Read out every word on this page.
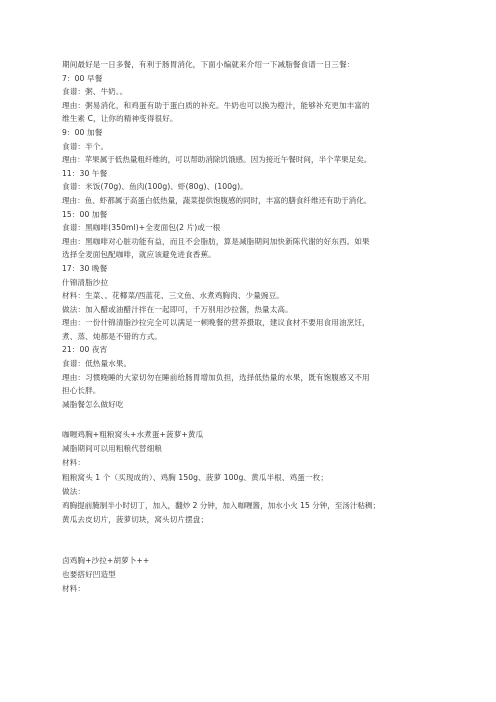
期间最好是一日多餐，有利于肠胃消化，下面小编就来介绍一下减脂餐食谱一日三餐：
7：00 早餐
食谱：粥、牛奶。。
理由：粥易消化，和鸡蛋有助于蛋白质的补充。牛奶也可以换为橙汁，能够补充更加丰富的
维生素 C，让你的精神变得很好。
9：00 加餐
食谱：半个。
理由：苹果属于低热量粗纤维的，可以帮助消除饥饿感。因为接近午餐时间，半个苹果足矣。
11：30 午餐
食谱：米饭(70g)、鱼肉(100g)、虾(80g)、(100g)。
理由：鱼、虾都属于高蛋白低热量，蔬菜提供饱腹感的同时，丰富的膳食纤维还有助于消化。
15：00 加餐
食谱：黑咖啡(350ml)+全麦面包(2 片)或一根
理由：黑咖啡对心脏功能有益，而且不会脂肪，算是减脂期间加快新陈代谢的好东西。如果
选择全麦面包配咖啡，就应该避免进食香蕉。
17：30 晚餐
什锦清脂沙拉
材料：生菜、、花椰菜/西蓝花、三文鱼、水煮鸡胸肉、少量豌豆。
做法：加入醋或油醋汁拌在一起即可，千万别用沙拉酱，热量太高。
理由：一份什锦清脂沙拉完全可以满足一顿晚餐的营养摄取，建议食材不要用食用油烹饪，
煮、蒸、炖都是不错的方式。
21：00 夜宵
食谱：低热量水果。
理由：习惯晚睡的大家切勿在睡前给肠胃增加负担，选择低热量的水果，既有饱腹感又不用
担心长胖。
减脂餐怎么做好吃
咖喱鸡胸+粗粮窝头+水煮蛋+菠萝+黄瓜
减脂期间可以用粗粮代替细粮
材料：
粗粮窝头 1 个（买现成的）、鸡胸 150g、菠萝 100g、黄瓜半根、鸡蛋一枚；
做法：
鸡胸提前腌制半小时切丁，加入，翻炒 2 分钟，加入咖喱酱，加水小火 15 分钟，至汤汁粘稠；
黄瓜去皮切片，菠萝切块，窝头切片摆盘；
卤鸡胸+沙拉+胡萝卜++
也要搭好凹造型
材料：
